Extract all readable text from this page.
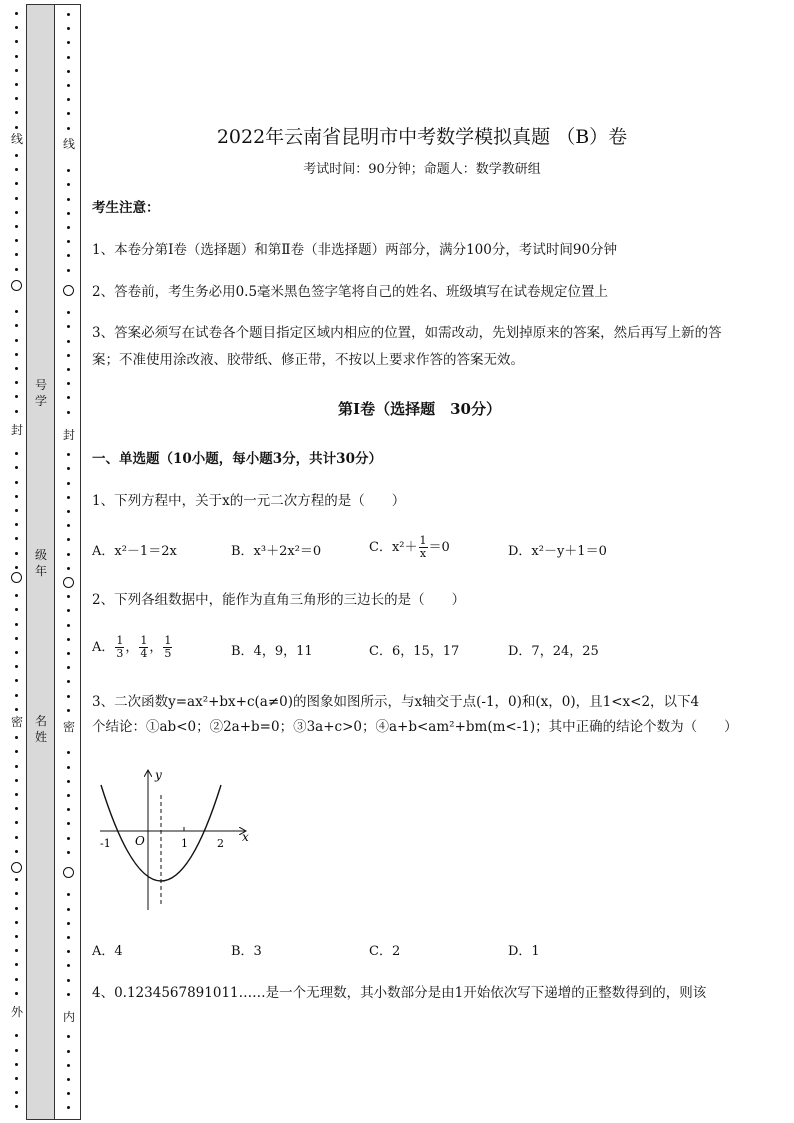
线
封
密
外
线
封
密
内
号学
级年
名姓
2022年云南省昆明市中考数学模拟真题 （B）卷
考试时间：90分钟；命题人：数学教研组
考生注意：
1、本卷分第I卷（选择题）和第Ⅱ卷（非选择题）两部分，满分100分，考试时间90分钟
2、答卷前，考生务必用0.5毫米黑色签字笔将自己的姓名、班级填写在试卷规定位置上
3、答案必须写在试卷各个题目指定区域内相应的位置，如需改动，先划掉原来的答案，然后再写上新的答案；不准使用涂改液、胶带纸、修正带，不按以上要求作答的答案无效。
第I卷（选择题　30分）
一、单选题（10小题，每小题3分，共计30分）
1、下列方程中，关于x的一元二次方程的是（　　）
A．x²－1＝2x	B．x³＋2x²＝0	C．$x^2+ \frac{1}{x} =0$	D．x²－y＋1＝0
2、下列各组数据中，能作为直角三角形的三边长的是（　　）
A． $\frac{1}{3}$ ， $\frac{1}{4}$ ， $\frac{1}{5}$	B．4，9，11	C．6，15，17	D．7，24，25
3、二次函数y=ax²+bx+c(a≠0)的图象如图所示，与x轴交于点(-1，0)和(x，0)，且1<x<2，以下4
个结论：①ab<0；②2a+b=0；③3a+c>0；④a+b<am²+bm(m<-1)；其中正确的结论个数为（　　）
A．4	B．3	C．2	D．1
4、0.1234567891011……是一个无理数，其小数部分是由1开始依次写下递增的正整数得到的，则该
x
y
O
-1	1	2
